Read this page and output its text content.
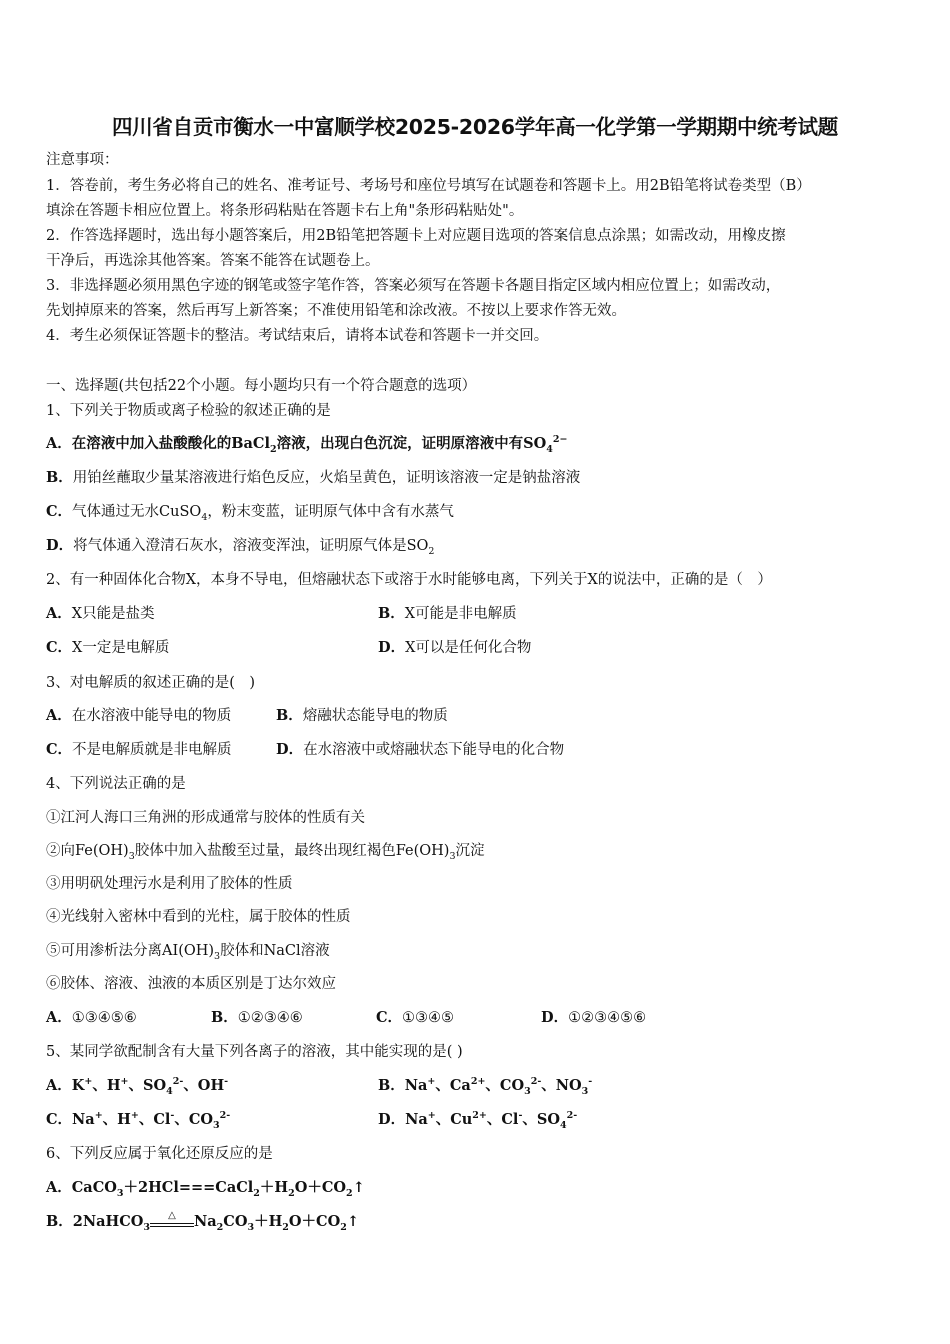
四川省自贡市衡水一中富顺学校2025-2026学年高一化学第一学期期中统考试题
注意事项：
1．答卷前，考生务必将自己的姓名、准考证号、考场号和座位号填写在试题卷和答题卡上。用2B铅笔将试卷类型（B）
填涂在答题卡相应位置上。将条形码粘贴在答题卡右上角"条形码粘贴处"。
2．作答选择题时，选出每小题答案后，用2B铅笔把答题卡上对应题目选项的答案信息点涂黑；如需改动，用橡皮擦
干净后，再选涂其他答案。答案不能答在试题卷上。
3．非选择题必须用黑色字迹的钢笔或签字笔作答，答案必须写在答题卡各题目指定区域内相应位置上；如需改动，
先划掉原来的答案，然后再写上新答案；不准使用铅笔和涂改液。不按以上要求作答无效。
4．考生必须保证答题卡的整洁。考试结束后，请将本试卷和答题卡一并交回。
一、选择题(共包括22个小题。每小题均只有一个符合题意的选项）
1、下列关于物质或离子检验的叙述正确的是
A．在溶液中加入盐酸酸化的BaCl$_2$溶液，出现白色沉淀，证明原溶液中有$SO_4^{2-}$
B．用铂丝蘸取少量某溶液进行焰色反应，火焰呈黄色，证明该溶液一定是钠盐溶液
C．气体通过无水CuSO$_4$，粉末变蓝，证明原气体中含有水蒸气
D．将气体通入澄清石灰水，溶液变浑浊，证明原气体是$SO_2$
2、有一种固体化合物X，本身不导电，但熔融状态下或溶于水时能够电离，下列关于X的说法中，正确的是（　）
A．X只能是盐类	B．X可能是非电解质
C．X一定是电解质	D．X可以是任何化合物
3、对电解质的叙述正确的是(　)
A．在水溶液中能导电的物质	B．熔融状态能导电的物质
C．不是电解质就是非电解质	D．在水溶液中或熔融状态下能导电的化合物
4、下列说法正确的是
①江河人海口三角洲的形成通常与胶体的性质有关
②向$Fe(OH)_3$胶体中加入盐酸至过量，最终出现红褐色$Fe(OH)_3$沉淀
③用明矾处理污水是利用了胶体的性质
④光线射入密林中看到的光柱，属于胶体的性质
⑤可用渗析法分离$AI(OH)_3$胶体和NaCl溶液
⑥胶体、溶液、浊液的本质区别是丁达尔效应
A．①③④⑤⑥	B．①②③④⑥	C．①③④⑤	D．①②③④⑤⑥
5、某同学欲配制含有大量下列各离子的溶液，其中能实现的是( )
A．K+、H+、$SO_4^{2-}$、OH-	B．Na+、$Ca^{2+}$、$CO_3^{2-}$、$NO_3^-$
C．Na+、H+、Cl-、$CO_3^{2-}$	D．Na+、$Cu^{2+}$、Cl-、$SO_4^{2-}$
6、下列反应属于氧化还原反应的是
A．$CaCO_3+2HCl===CaCl_2+H_2O+CO_2↑$
B．2NaHCO$_3$
△	$Na_2CO_3+H_2O+CO_2↑$
